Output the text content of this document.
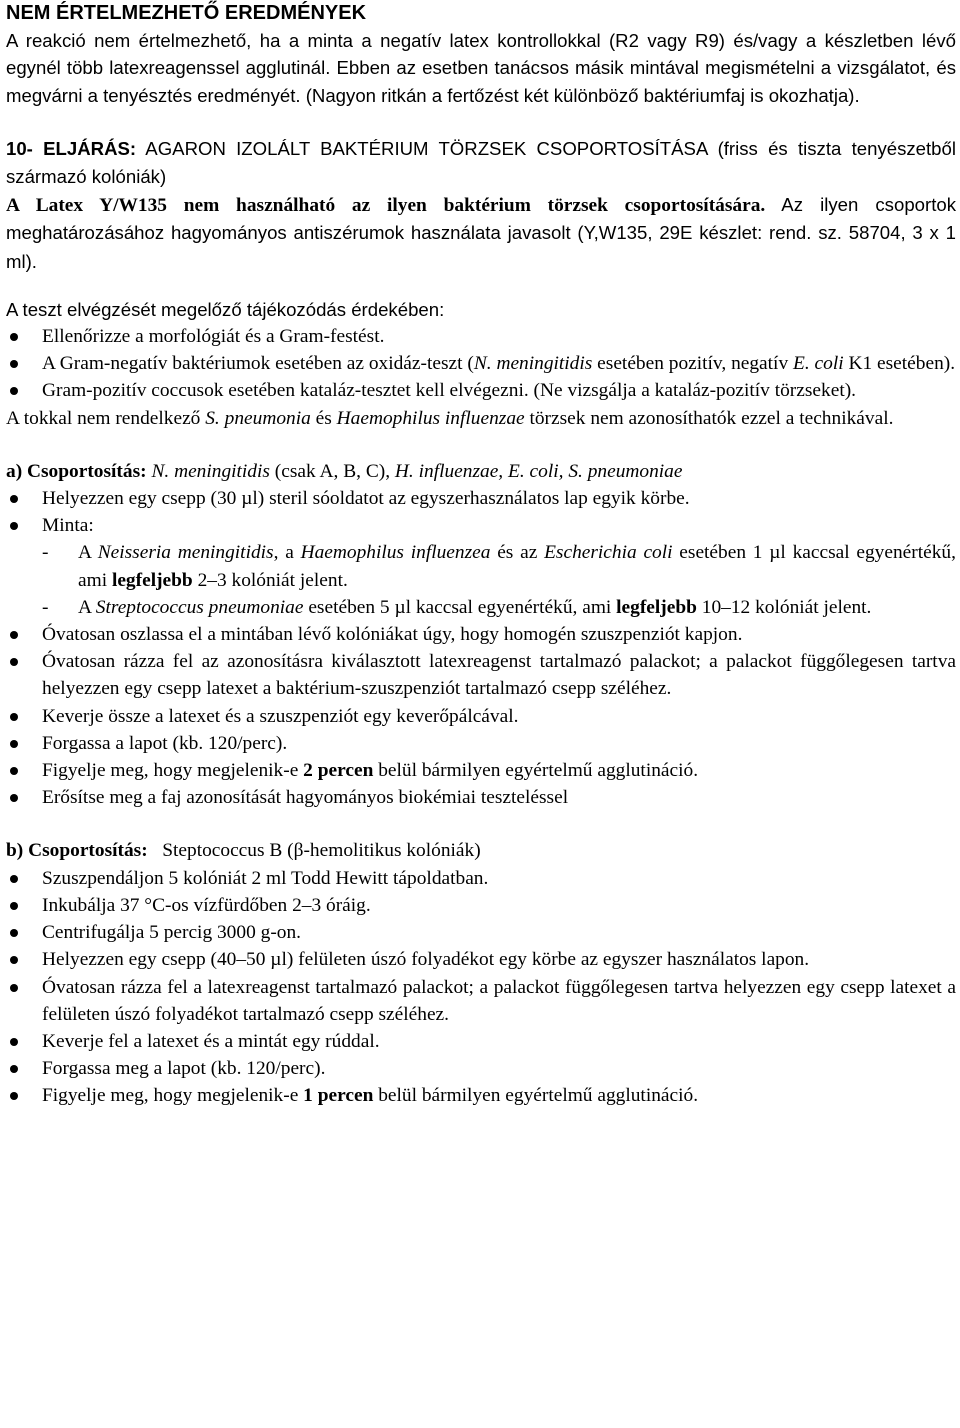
NEM ÉRTELMEZHETŐ EREDMÉNYEK
A reakció nem értelmezhető, ha a minta a negatív latex kontrollokkal (R2 vagy R9) és/vagy a készletben lévő egynél több latexreagenssel agglutinál. Ebben az esetben tanácsos másik mintával megismételni a vizsgálatot, és megvárni a tenyésztés eredményét. (Nagyon ritkán a fertőzést két különböző baktériumfaj is okozhatja).
10- ELJÁRÁS: AGARON IZOLÁLT BAKTÉRIUM TÖRZSEK CSOPORTOSÍTÁSA (friss és tiszta tenyészetből származó kolóniák)
A Latex Y/W135 nem használható az ilyen baktérium törzsek csoportosítására. Az ilyen csoportok meghatározásához hagyományos antiszérumok használata javasolt (Y,W135, 29E készlet: rend. sz. 58704, 3 x 1 ml).
A teszt elvégzését megelőző tájékozódás érdekében:
Ellenőrizze a morfológiát és a Gram-festést.
A Gram-negatív baktériumok esetében az oxidáz-teszt (N. meningitidis esetében pozitív, negatív E. coli K1 esetében).
Gram-pozitív coccusok esetében kataláz-tesztet kell elvégezni. (Ne vizsgálja a kataláz-pozitív törzseket).
A tokkal nem rendelkező S. pneumonia és Haemophilus influenzae törzsek nem azonosíthatók ezzel a technikával.
a) Csoportosítás: N. meningitidis (csak A, B, C), H. influenzae, E. coli, S. pneumoniae
Helyezzen egy csepp (30 µl) steril sóoldatot az egyszerhasználatos lap egyik körbe.
Minta:
- A Neisseria meningitidis, a Haemophilus influenzea és az Escherichia coli esetében 1 µl kaccsal egyenértékű, ami legfeljebb 2–3 kolóniát jelent.
- A Streptococcus pneumoniae esetében 5 µl kaccsal egyenértékű, ami legfeljebb 10–12 kolóniát jelent.
Óvatosan oszlassa el a mintában lévő kolóniákat úgy, hogy homogén szuszpenziót kapjon.
Óvatosan rázza fel az azonosításra kiválasztott latexreagenst tartalmazó palackot; a palackot függőlegesen tartva helyezzen egy csepp latexet a baktérium-szuszpenziót tartalmazó csepp széléhez.
Keverje össze a latexet és a szuszpenziót egy keverőpálcával.
Forgassa a lapot (kb. 120/perc).
Figyelje meg, hogy megjelenik-e 2 percen belül bármilyen egyértelmű agglutináció.
Erősítse meg a faj azonosítását hagyományos biokémiai teszteléssel
b) Csoportosítás:   Steptococcus B (β-hemolitikus kolóniák)
Szuszpendáljon 5 kolóniát 2 ml Todd Hewitt tápoldatban.
Inkubálja 37 °C-os vízfürdőben 2–3 óráig.
Centrifugálja 5 percig 3000 g-on.
Helyezzen egy csepp (40–50 µl) felületen úszó folyadékot egy körbe az egyszer használatos lapon.
Óvatosan rázza fel a latexreagenst tartalmazó palackot; a palackot függőlegesen tartva helyezzen egy csepp latexet a felületen úszó folyadékot tartalmazó csepp széléhez.
Keverje fel a latexet és a mintát egy rúddal.
Forgassa meg a lapot (kb. 120/perc).
Figyelje meg, hogy megjelenik-e 1 percen belül bármilyen egyértelmű agglutináció.
